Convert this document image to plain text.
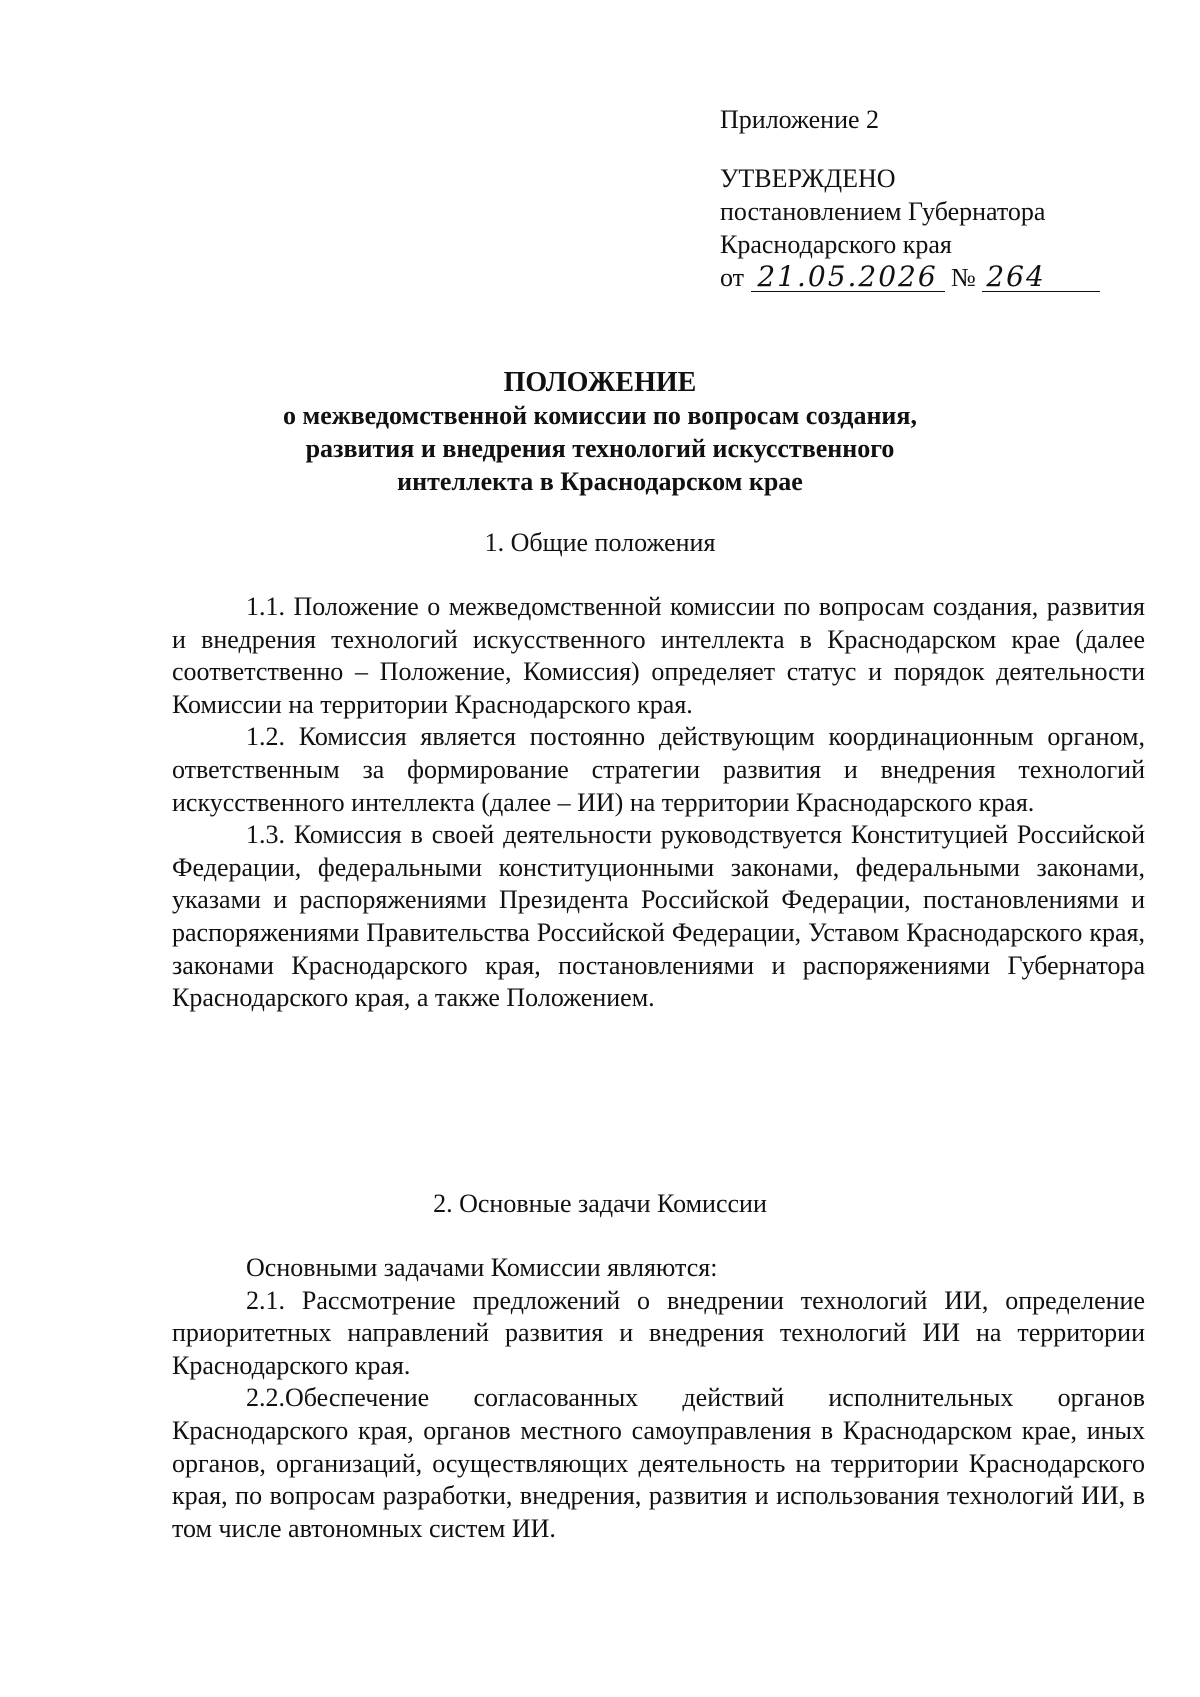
Приложение 2
УТВЕРЖДЕНО
постановлением Губернатора
Краснодарского края
от 21.05.2026 № 264
ПОЛОЖЕНИЕ
о межведомственной комиссии по вопросам создания,
развития и внедрения технологий искусственного
интеллекта в Краснодарском крае
1. Общие положения

1.1. Положение о межведомственной комиссии по вопросам создания, развития и внедрения технологий искусственного интеллекта в Краснодарском крае (далее соответственно – Положение, Комиссия) определяет статус и порядок деятельности Комиссии на территории Краснодарского края.

1.2. Комиссия является постоянно действующим координационным органом, ответственным за формирование стратегии развития и внедрения технологий искусственного интеллекта (далее – ИИ) на территории Краснодарского края.

1.3. Комиссия в своей деятельности руководствуется Конституцией Российской Федерации, федеральными конституционными законами, федеральными законами, указами и распоряжениями Президента Российской Федерации, постановлениями и распоряжениями Правительства Российской Федерации, Уставом Краснодарского края, законами Краснодарского края, постановлениями и распоряжениями Губернатора Краснодарского края, а также Положением.

2. Основные задачи Комиссии

Основными задачами Комиссии являются:

2.1. Рассмотрение предложений о внедрении технологий ИИ, определение приоритетных направлений развития и внедрения технологий ИИ на территории Краснодарского края.

2.2.Обеспечение согласованных действий исполнительных органов Краснодарского края, органов местного самоуправления в Краснодарском крае, иных органов, организаций, осуществляющих деятельность на территории Краснодарского края, по вопросам разработки, внедрения, развития и использования технологий ИИ, в том числе автономных систем ИИ.
